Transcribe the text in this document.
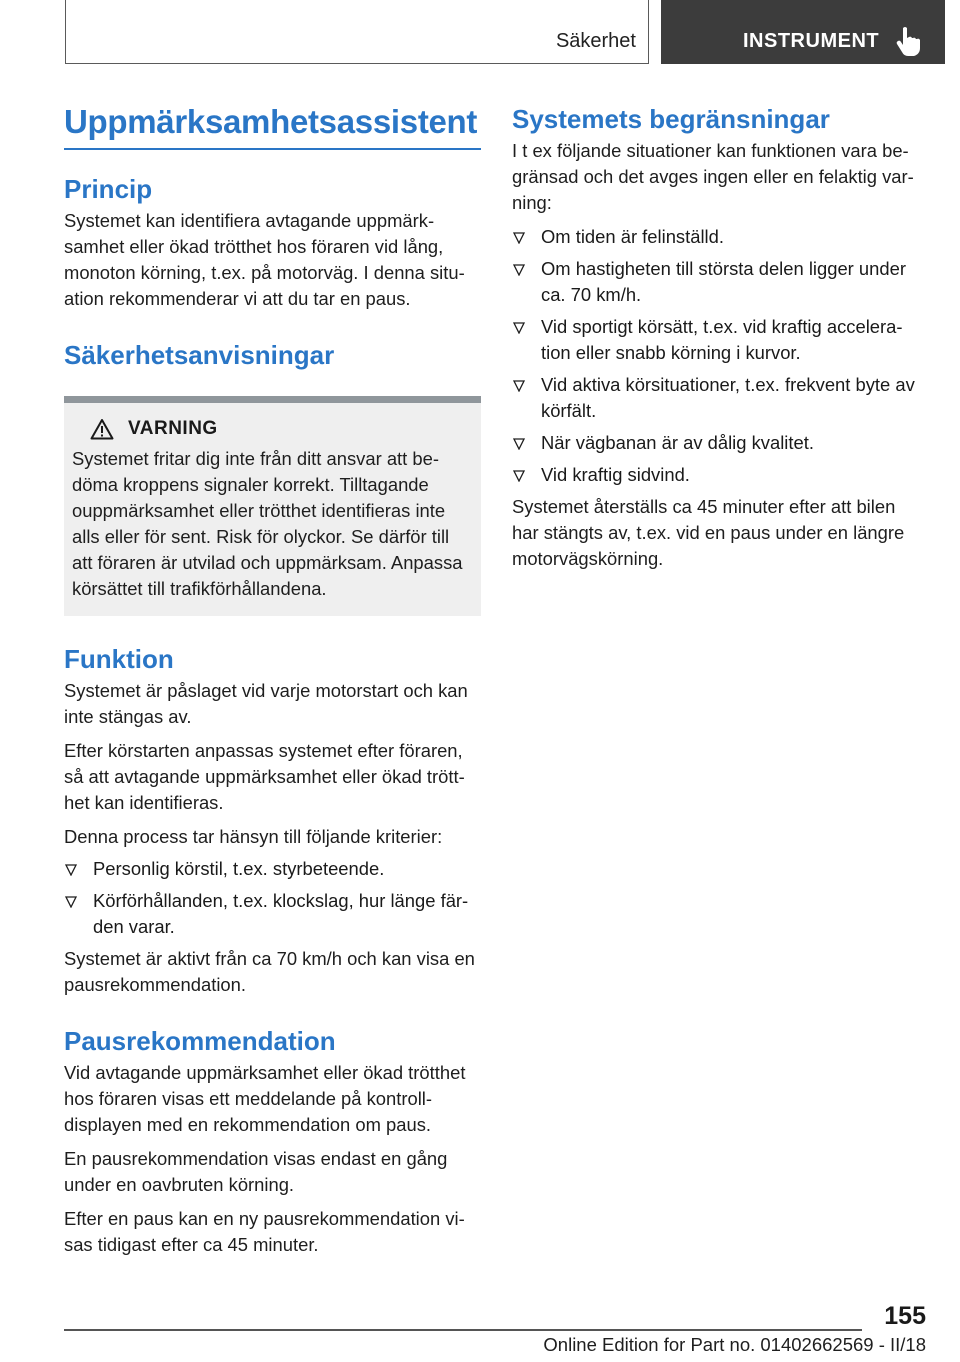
Säkerhet	INSTRUMENT
Uppmärksamhetsassistent
Princip

Systemet kan identifiera avtagande uppmärksamhet eller ökad trötthet hos föraren vid lång, monoton körning, t.ex. på motorväg. I denna situation rekommenderar vi att du tar en paus.

Säkerhetsanvisningar
VARNING

Systemet fritar dig inte från ditt ansvar att bedöma kroppens signaler korrekt. Tilltagande ouppmärksamhet eller trötthet identifieras inte alls eller för sent. Risk för olyckor. Se därför till att föraren är utvilad och uppmärksam. Anpassa körsättet till trafikförhållandena.

Funktion

Systemet är påslaget vid varje motorstart och kan inte stängas av.

Efter körstarten anpassas systemet efter föraren, så att avtagande uppmärksamhet eller ökad trötthet kan identifieras.

Denna process tar hänsyn till följande kriterier:

Personlig körstil, t.ex. styrbeteende.
Körförhållanden, t.ex. klockslag, hur länge färden varar.

Systemet är aktivt från ca 70 km/h och kan visa en pausrekommendation.

Pausrekommendation

Vid avtagande uppmärksamhet eller ökad trötthet hos föraren visas ett meddelande på kontrolldisplayen med en rekommendation om paus.

En pausrekommendation visas endast en gång under en oavbruten körning.

Efter en paus kan en ny pausrekommendation visas tidigast efter ca 45 minuter.

Systemets begränsningar

I t ex följande situationer kan funktionen vara begränsad och det avges ingen eller en felaktig varning:

Om tiden är felinställd.
Om hastigheten till största delen ligger under ca. 70 km/h.
Vid sportigt körsätt, t.ex. vid kraftig acceleration eller snabb körning i kurvor.
Vid aktiva körsituationer, t.ex. frekvent byte av körfält.
När vägbanan är av dålig kvalitet.
Vid kraftig sidvind.

Systemet återställs ca 45 minuter efter att bilen har stängts av, t.ex. vid en paus under en längre motorvägskörning.

155
Online Edition for Part no. 01402662569 - II/18
